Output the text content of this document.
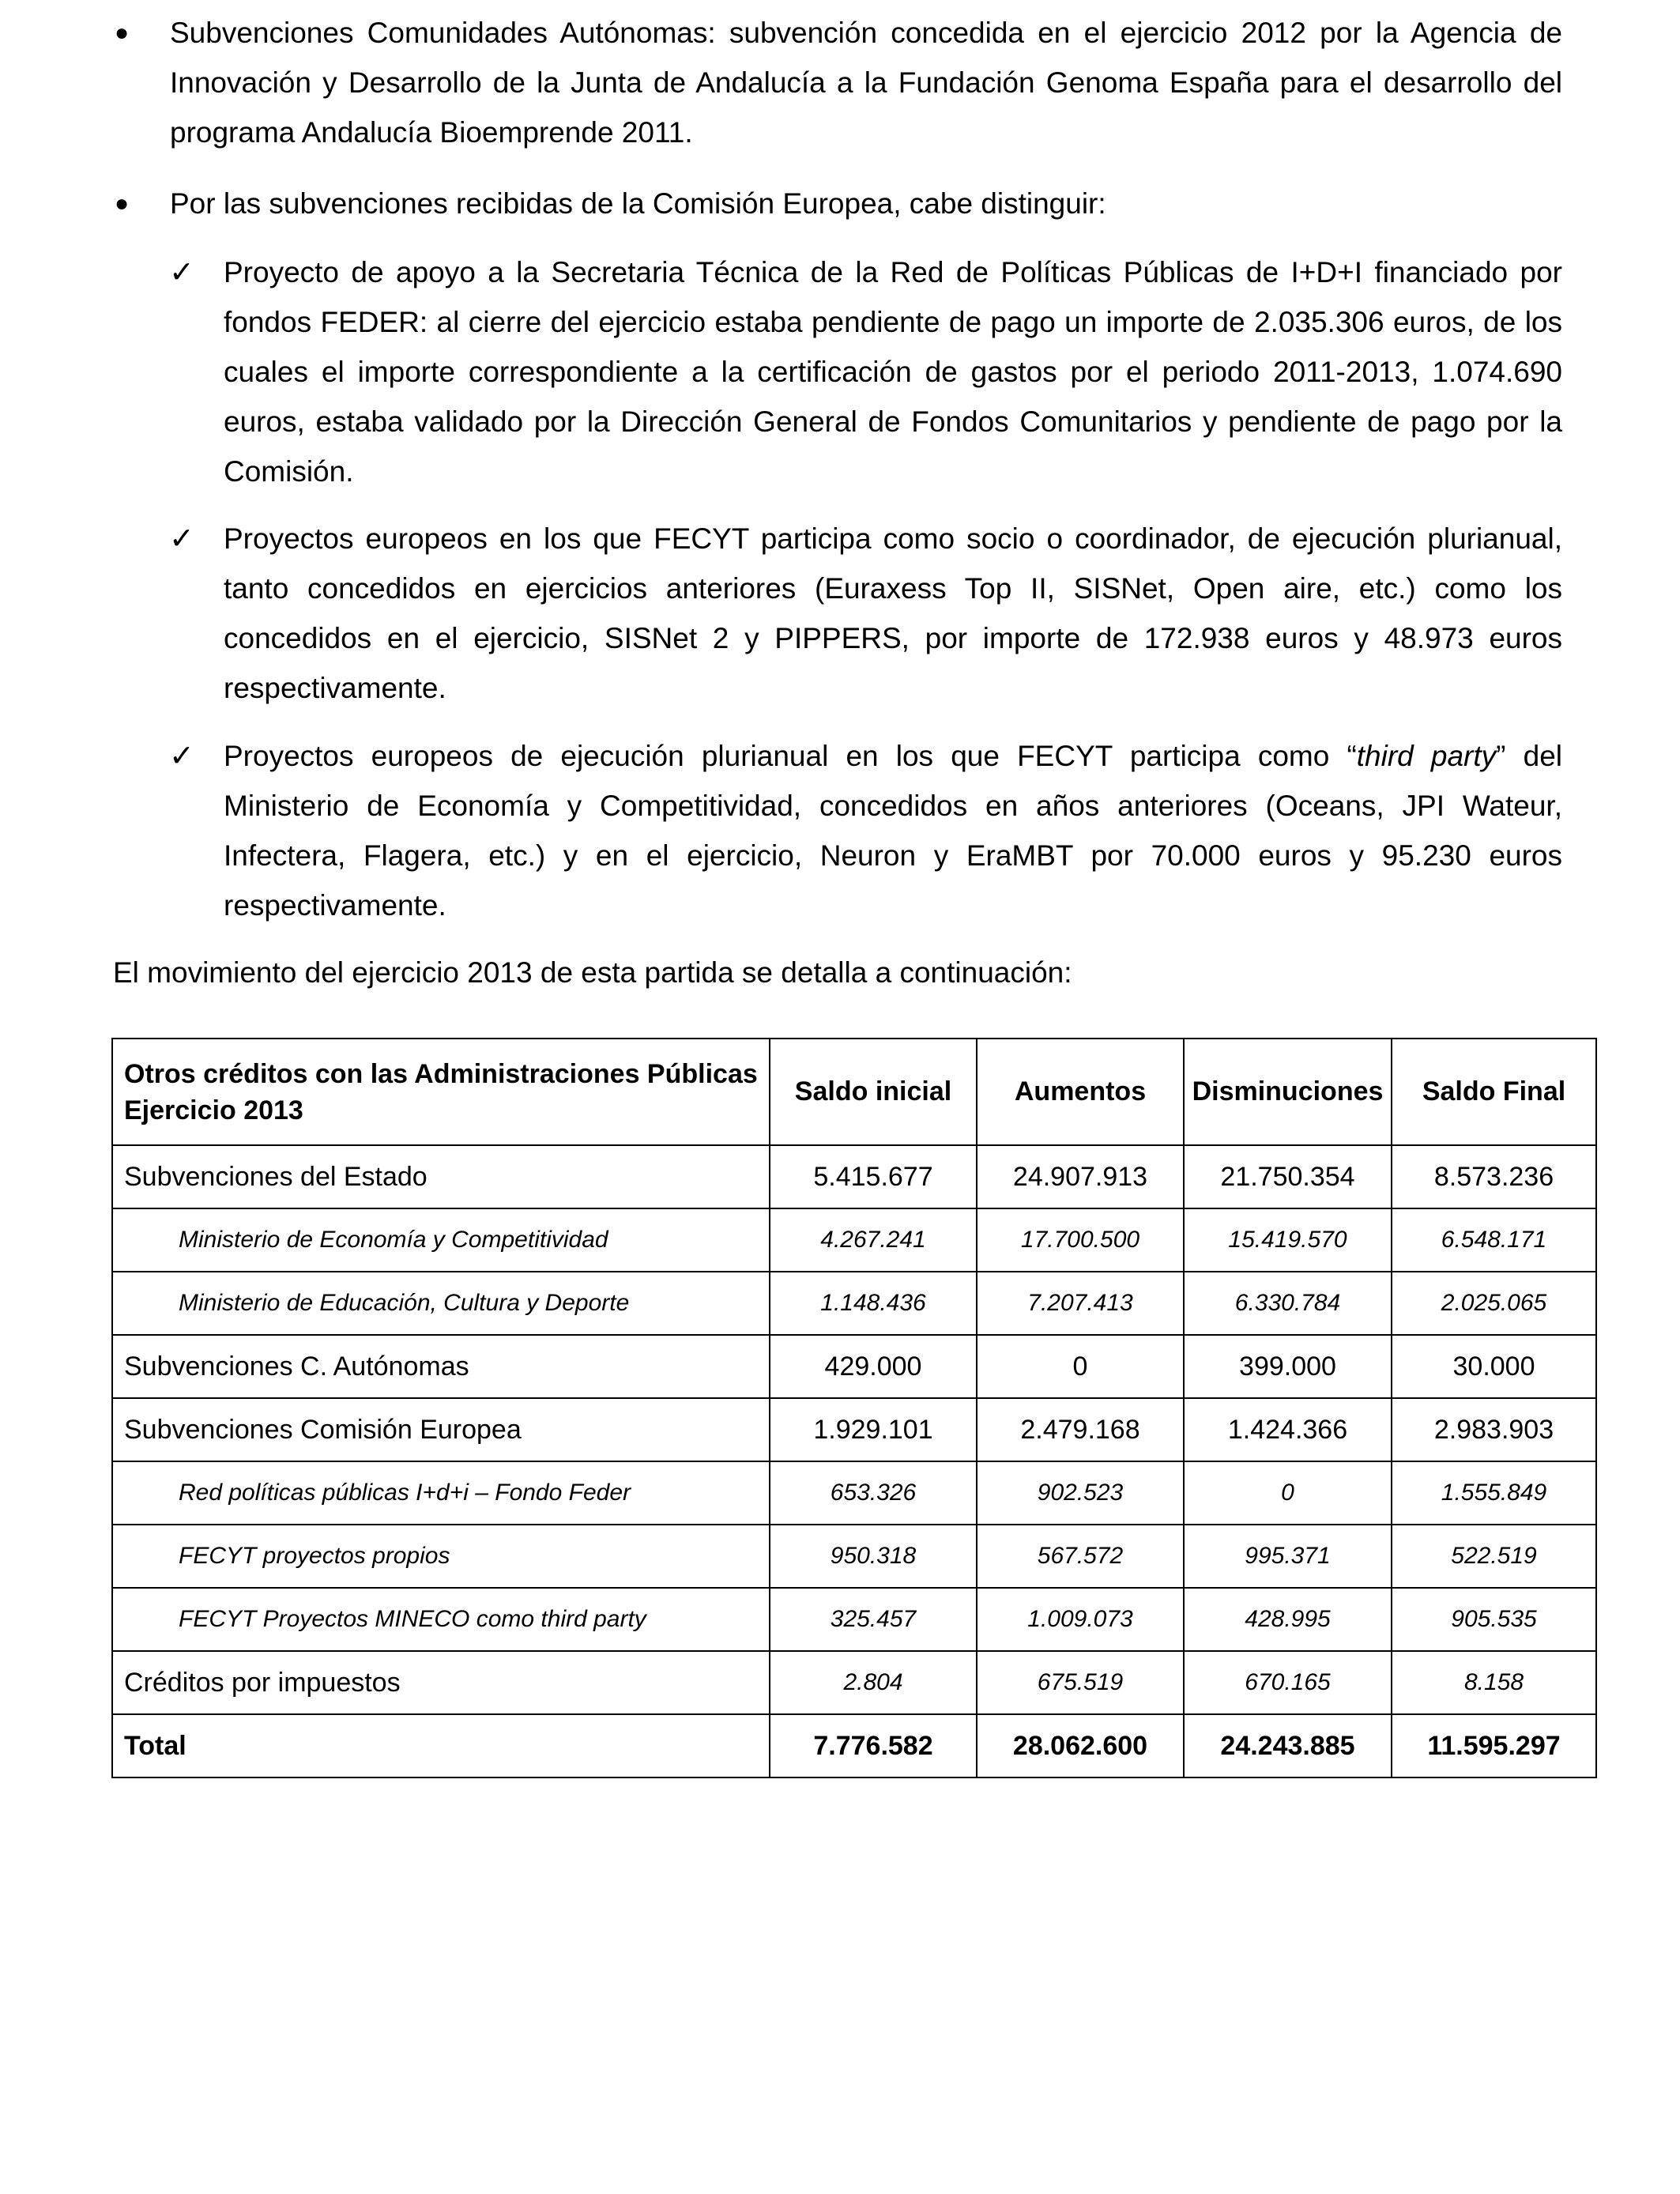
● Subvenciones Comunidades Autónomas: subvención concedida en el ejercicio 2012 por la Agencia de Innovación y Desarrollo de la Junta de Andalucía a la Fundación Genoma España para el desarrollo del programa Andalucía Bioemprende 2011.

● Por las subvenciones recibidas de la Comisión Europea, cabe distinguir:

✓ Proyecto de apoyo a la Secretaria Técnica de la Red de Políticas Públicas de I+D+I financiado por fondos FEDER: al cierre del ejercicio estaba pendiente de pago un importe de 2.035.306 euros, de los cuales el importe correspondiente a la certificación de gastos por el periodo 2011-2013, 1.074.690 euros, estaba validado por la Dirección General de Fondos Comunitarios y pendiente de pago por la Comisión.

✓ Proyectos europeos en los que FECYT participa como socio o coordinador, de ejecución plurianual, tanto concedidos en ejercicios anteriores (Euraxess Top II, SISNet, Open aire, etc.) como los concedidos en el ejercicio, SISNet 2 y PIPPERS, por importe de 172.938 euros y 48.973 euros respectivamente.

✓ Proyectos europeos de ejecución plurianual en los que FECYT participa como “third party” del Ministerio de Economía y Competitividad, concedidos en años anteriores (Oceans, JPI Wateur, Infectera, Flagera, etc.) y en el ejercicio, Neuron y EraMBT por 70.000 euros y 95.230 euros respectivamente.

El movimiento del ejercicio 2013 de esta partida se detalla a continuación:

Otros créditos con las Administraciones Públicas
Ejercicio 2013	Saldo inicial	Aumentos	Disminuciones	Saldo Final
Subvenciones del Estado	5.415.677	24.907.913	21.750.354	8.573.236
Ministerio de Economía y Competitividad	4.267.241	17.700.500	15.419.570	6.548.171
Ministerio de Educación, Cultura y Deporte	1.148.436	7.207.413	6.330.784	2.025.065
Subvenciones C. Autónomas	429.000	0	399.000	30.000
Subvenciones Comisión Europea	1.929.101	2.479.168	1.424.366	2.983.903
Red políticas públicas I+d+i – Fondo Feder	653.326	902.523	0	1.555.849
FECYT proyectos propios	950.318	567.572	995.371	522.519
FECYT Proyectos MINECO como third party	325.457	1.009.073	428.995	905.535
Créditos por impuestos	2.804	675.519	670.165	8.158
Total	7.776.582	28.062.600	24.243.885	11.595.297
